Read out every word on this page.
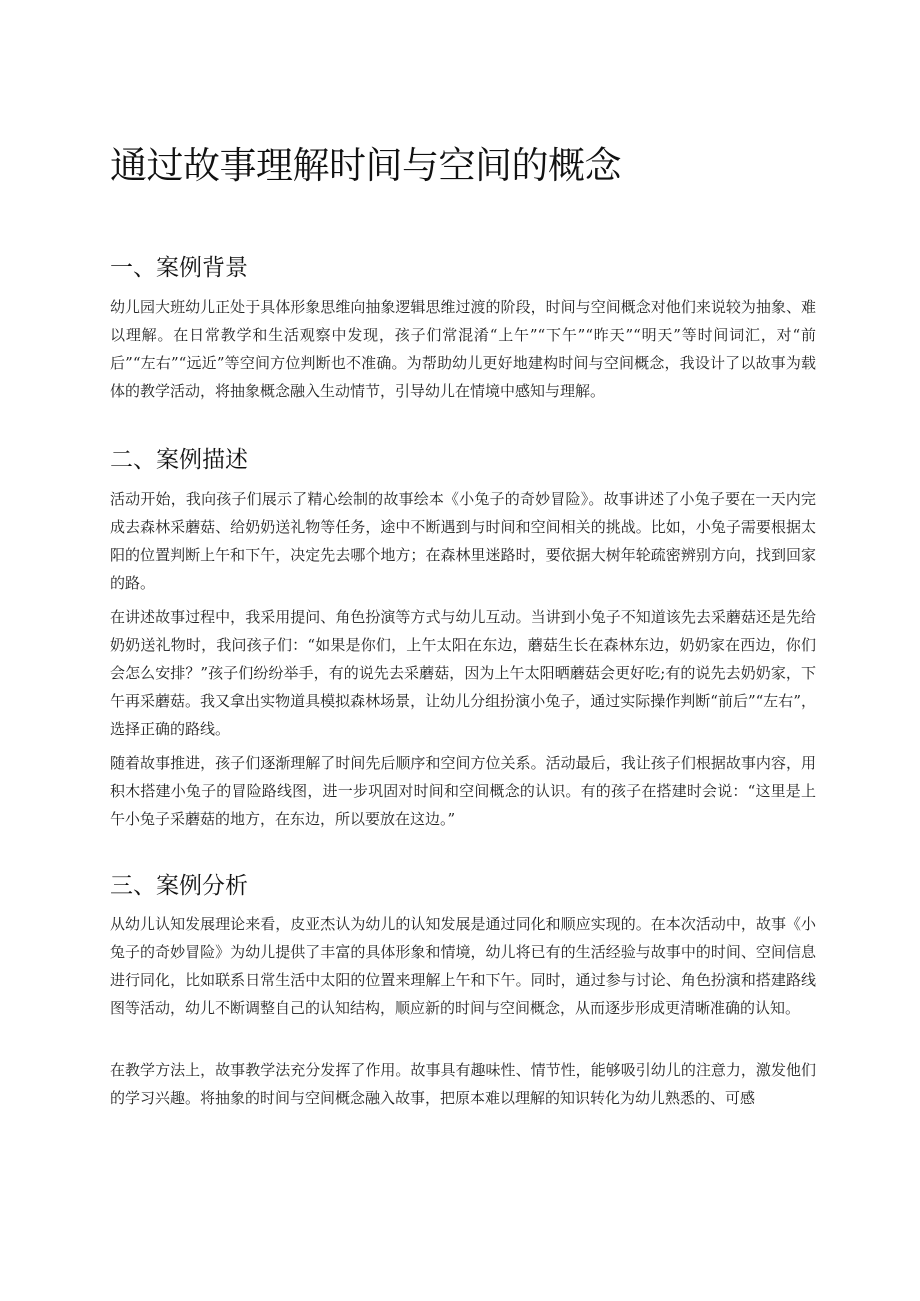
通过故事理解时间与空间的概念
一、案例背景

幼儿园大班幼儿正处于具体形象思维向抽象逻辑思维过渡的阶段，时间与空间概念对他们来说较为抽象、难以理解。在日常教学和生活观察中发现，孩子们常混淆“上午”“下午”“昨天”“明天”等时间词汇，对“前后”“左右”“远近”等空间方位判断也不准确。为帮助幼儿更好地建构时间与空间概念，我设计了以故事为载体的教学活动，将抽象概念融入生动情节，引导幼儿在情境中感知与理解。

二、案例描述

活动开始，我向孩子们展示了精心绘制的故事绘本《小兔子的奇妙冒险》。故事讲述了小兔子要在一天内完成去森林采蘑菇、给奶奶送礼物等任务，途中不断遇到与时间和空间相关的挑战。比如，小兔子需要根据太阳的位置判断上午和下午，决定先去哪个地方；在森林里迷路时，要依据大树年轮疏密辨别方向，找到回家的路。

在讲述故事过程中，我采用提问、角色扮演等方式与幼儿互动。当讲到小兔子不知道该先去采蘑菇还是先给奶奶送礼物时，我问孩子们：“如果是你们，上午太阳在东边，蘑菇生长在森林东边，奶奶家在西边，你们会怎么安排？”孩子们纷纷举手，有的说先去采蘑菇，因为上午太阳晒蘑菇会更好吃;有的说先去奶奶家，下午再采蘑菇。我又拿出实物道具模拟森林场景，让幼儿分组扮演小兔子，通过实际操作判断“前后”“左右”，选择正确的路线。

随着故事推进，孩子们逐渐理解了时间先后顺序和空间方位关系。活动最后，我让孩子们根据故事内容，用积木搭建小兔子的冒险路线图，进一步巩固对时间和空间概念的认识。有的孩子在搭建时会说：“这里是上午小兔子采蘑菇的地方，在东边，所以要放在这边。”

三、案例分析

从幼儿认知发展理论来看，皮亚杰认为幼儿的认知发展是通过同化和顺应实现的。在本次活动中，故事《小兔子的奇妙冒险》为幼儿提供了丰富的具体形象和情境，幼儿将已有的生活经验与故事中的时间、空间信息进行同化，比如联系日常生活中太阳的位置来理解上午和下午。同时，通过参与讨论、角色扮演和搭建路线图等活动，幼儿不断调整自己的认知结构，顺应新的时间与空间概念，从而逐步形成更清晰准确的认知。

在教学方法上，故事教学法充分发挥了作用。故事具有趣味性、情节性，能够吸引幼儿的注意力，激发他们的学习兴趣。将抽象的时间与空间概念融入故事，把原本难以理解的知识转化为幼儿熟悉的、可感
